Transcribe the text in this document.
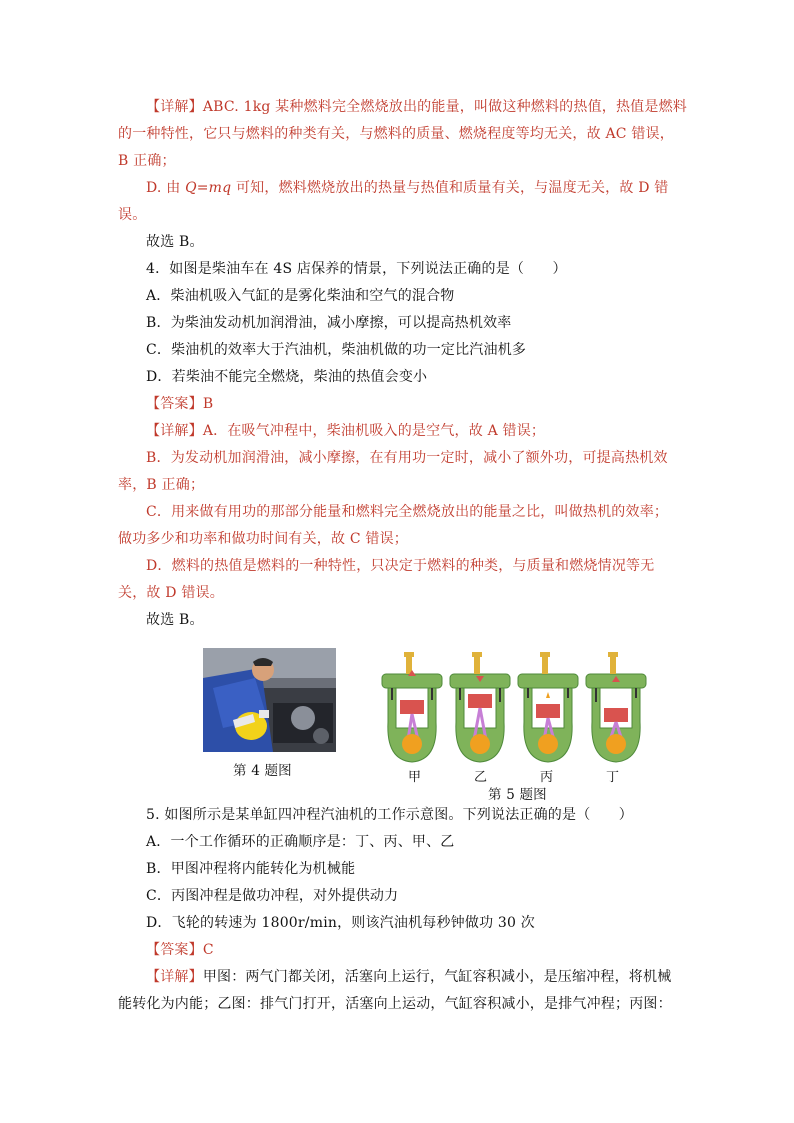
【详解】ABC. 1kg 某种燃料完全燃烧放出的能量，叫做这种燃料的热值，热值是燃料
的一种特性，它只与燃料的种类有关，与燃料的质量、燃烧程度等均无关，故 AC 错误，
B 正确；
D. 由 Q=mq 可知，燃料燃烧放出的热量与热值和质量有关，与温度无关，故 D 错
误。
故选 B。
4．如图是柴油车在 4S 店保养的情景，下列说法正确的是（　　）
A．柴油机吸入气缸的是雾化柴油和空气的混合物
B．为柴油发动机加润滑油，减小摩擦，可以提高热机效率
C．柴油机的效率大于汽油机，柴油机做的功一定比汽油机多
D．若柴油不能完全燃烧，柴油的热值会变小
【答案】B
【详解】A．在吸气冲程中，柴油机吸入的是空气，故 A 错误；
B．为发动机加润滑油，减小摩擦，在有用功一定时，减小了额外功，可提高热机效
率，B 正确；
C．用来做有用功的那部分能量和燃料完全燃烧放出的能量之比，叫做热机的效率；
做功多少和功率和做功时间有关，故 C 错误；
D．燃料的热值是燃料的一种特性，只决定于燃料的种类，与质量和燃烧情况等无
关，故 D 错误。
故选 B。
第 4 题图	甲	乙	丙	丁
第 5 题图
5. 如图所示是某单缸四冲程汽油机的工作示意图。下列说法正确的是（　　）
A．一个工作循环的正确顺序是：丁、丙、甲、乙
B．甲图冲程将内能转化为机械能
C．丙图冲程是做功冲程，对外提供动力
D．飞轮的转速为 1800r/min，则该汽油机每秒钟做功 30 次
【答案】C
【详解】甲图：两气门都关闭，活塞向上运行，气缸容积减小，是压缩冲程，将机械
能转化为内能；乙图：排气门打开，活塞向上运动，气缸容积减小，是排气冲程；丙图：
